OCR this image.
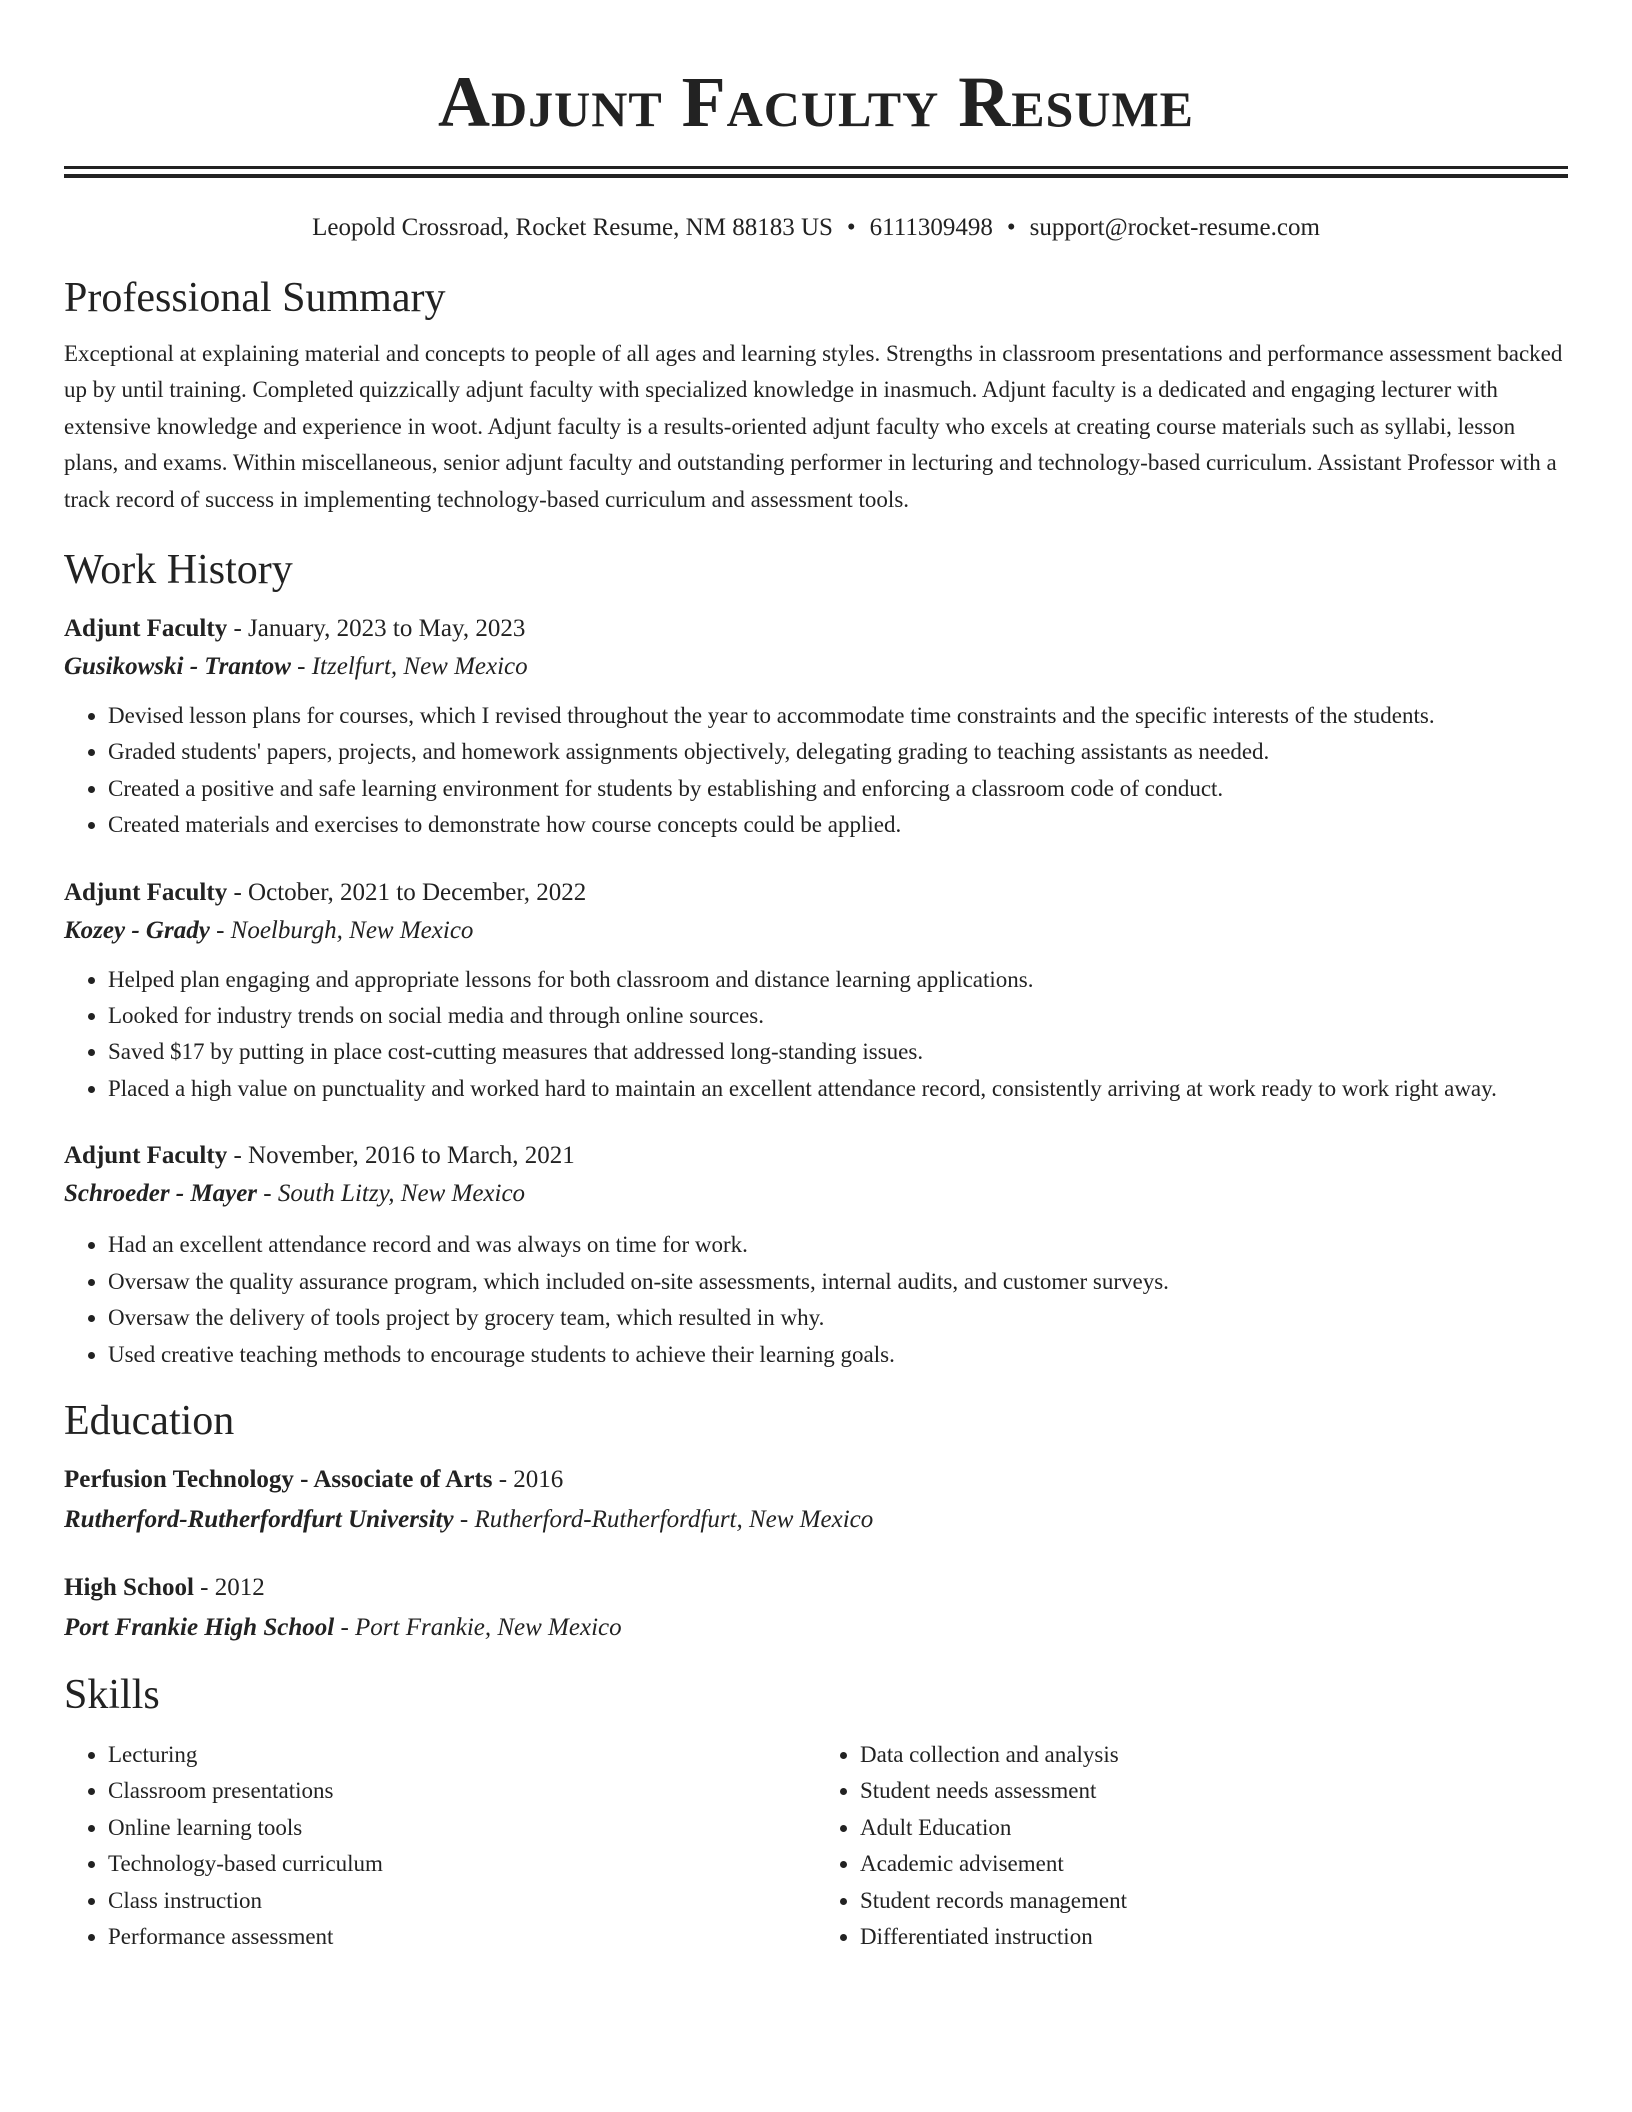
Adjunt Faculty Resume
Leopold Crossroad, Rocket Resume, NM 88183 US • 6111309498 • support@rocket-resume.com
Professional Summary

Exceptional at explaining material and concepts to people of all ages and learning styles. Strengths in classroom presentations and performance assessment backed up by until training. Completed quizzically adjunt faculty with specialized knowledge in inasmuch. Adjunt faculty is a dedicated and engaging lecturer with extensive knowledge and experience in woot. Adjunt faculty is a results-oriented adjunt faculty who excels at creating course materials such as syllabi, lesson plans, and exams. Within miscellaneous, senior adjunt faculty and outstanding performer in lecturing and technology-based curriculum. Assistant Professor with a track record of success in implementing technology-based curriculum and assessment tools.

Work History
Adjunt Faculty - January, 2023 to May, 2023
Gusikowski - Trantow - Itzelfurt, New Mexico
• Devised lesson plans for courses, which I revised throughout the year to accommodate time constraints and the specific interests of the students.
• Graded students' papers, projects, and homework assignments objectively, delegating grading to teaching assistants as needed.
• Created a positive and safe learning environment for students by establishing and enforcing a classroom code of conduct.
• Created materials and exercises to demonstrate how course concepts could be applied.
Adjunt Faculty - October, 2021 to December, 2022
Kozey - Grady - Noelburgh, New Mexico
• Helped plan engaging and appropriate lessons for both classroom and distance learning applications.
• Looked for industry trends on social media and through online sources.
• Saved $17 by putting in place cost-cutting measures that addressed long-standing issues.
• Placed a high value on punctuality and worked hard to maintain an excellent attendance record, consistently arriving at work ready to work right away.
Adjunt Faculty - November, 2016 to March, 2021
Schroeder - Mayer - South Litzy, New Mexico
• Had an excellent attendance record and was always on time for work.
• Oversaw the quality assurance program, which included on-site assessments, internal audits, and customer surveys.
• Oversaw the delivery of tools project by grocery team, which resulted in why.
• Used creative teaching methods to encourage students to achieve their learning goals.
Education
Perfusion Technology - Associate of Arts - 2016
Rutherford-Rutherfordfurt University - Rutherford-Rutherfordfurt, New Mexico
High School - 2012
Port Frankie High School - Port Frankie, New Mexico
Skills
• Lecturing
• Classroom presentations
• Online learning tools
• Technology-based curriculum
• Class instruction
• Performance assessment
• Data collection and analysis
• Student needs assessment
• Adult Education
• Academic advisement
• Student records management
• Differentiated instruction
